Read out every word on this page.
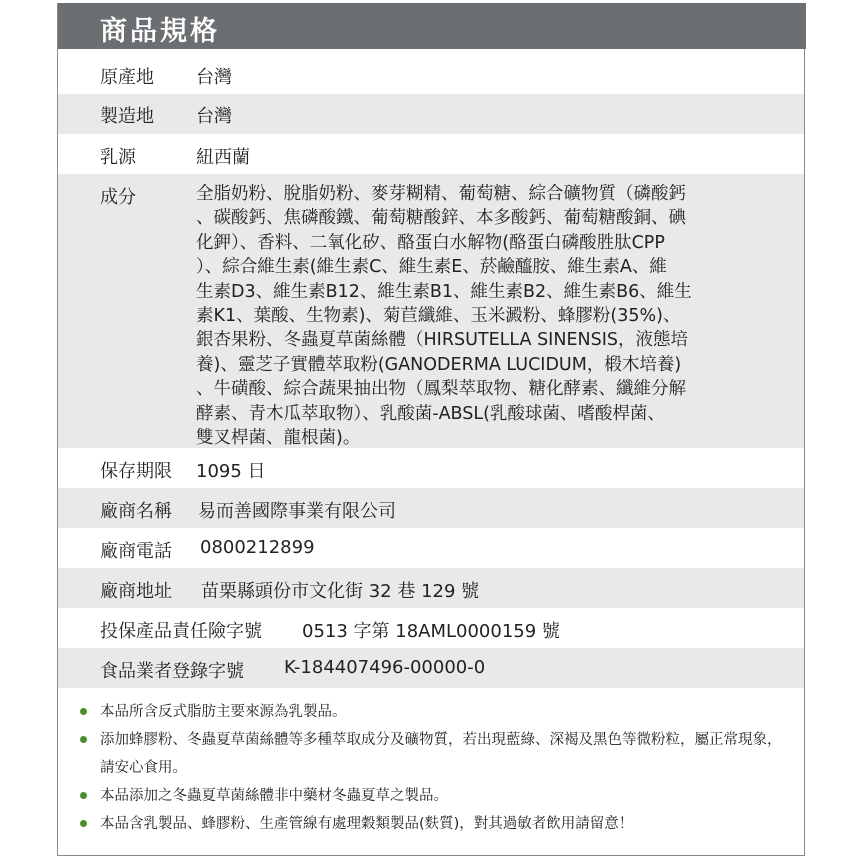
商品規格
原產地 台灣
製造地 台灣
乳源	紐西蘭
成分	全脂奶粉、脫脂奶粉、麥芽糊精、葡萄糖、綜合礦物質（磷酸鈣
、碳酸鈣、焦磷酸鐵、葡萄糖酸鋅、本多酸鈣、葡萄糖酸銅、碘
化鉀）、香料、二氧化矽、酪蛋白水解物(酪蛋白磷酸胜肽CPP
）、綜合維生素(維生素C、維生素E、菸鹼醯胺、維生素A、維
生素D3、維生素B12、維生素B1、維生素B2、維生素B6、維生
素K1、葉酸、生物素)、菊苣纖維、玉米澱粉、蜂膠粉(35%)、
銀杏果粉、冬蟲夏草菌絲體（HIRSUTELLA SINENSIS，液態培
養)、靈芝子實體萃取粉(GANODERMA LUCIDUM，椴木培養)
、牛磺酸、綜合蔬果抽出物（鳳梨萃取物、糖化酵素、纖維分解
酵素、青木瓜萃取物）、乳酸菌-ABSL(乳酸球菌、嗜酸桿菌、
雙叉桿菌、龍根菌)。
保存期限 1095 日
廠商名稱 易而善國際事業有限公司
廠商電話 0800212899
廠商地址 苗栗縣頭份市文化街 32 巷 129 號
投保產品責任險字號 0513 字第 18AML0000159 號
食品業者登錄字號 K-184407496-00000-0
本品所含反式脂肪主要來源為乳製品。
添加蜂膠粉、冬蟲夏草菌絲體等多種萃取成分及礦物質，若出現藍綠、深褐及黑色等微粉粒，屬正常現象，請安心食用。
本品添加之冬蟲夏草菌絲體非中藥材冬蟲夏草之製品。
本品含乳製品、蜂膠粉、生產管線有處理穀類製品(麩質)，對其過敏者飲用請留意！
